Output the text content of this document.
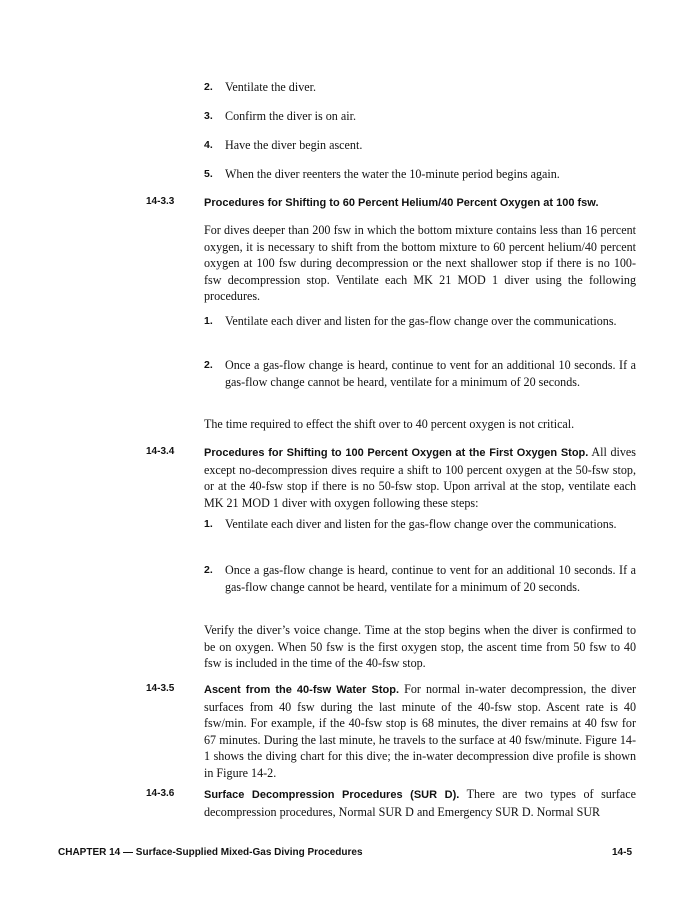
2. Ventilate the diver.
3. Confirm the diver is on air.
4. Have the diver begin ascent.
5. When the diver reenters the water the 10-minute period begins again.
14-3.3	Procedures for Shifting to 60 Percent Helium/40 Percent Oxygen at 100 fsw.
For dives deeper than 200 fsw in which the bottom mixture contains less than 16 percent oxygen, it is necessary to shift from the bottom mixture to 60 percent helium/40 percent oxygen at 100 fsw during decompression or the next shallower stop if there is no 100-fsw decompression stop. Ventilate each MK 21 MOD 1 diver using the following procedures.
1. Ventilate each diver and listen for the gas-flow change over the communications.
2. Once a gas-flow change is heard, continue to vent for an additional 10 seconds. If a gas-flow change cannot be heard, ventilate for a minimum of 20 seconds.
The time required to effect the shift over to 40 percent oxygen is not critical.
14-3.4	Procedures for Shifting to 100 Percent Oxygen at the First Oxygen Stop. All dives except no-decompression dives require a shift to 100 percent oxygen at the 50-fsw stop, or at the 40-fsw stop if there is no 50-fsw stop. Upon arrival at the stop, ventilate each MK 21 MOD 1 diver with oxygen following these steps:
1. Ventilate each diver and listen for the gas-flow change over the communications.
2. Once a gas-flow change is heard, continue to vent for an additional 10 seconds. If a gas-flow change cannot be heard, ventilate for a minimum of 20 seconds.
Verify the diver’s voice change. Time at the stop begins when the diver is confirmed to be on oxygen. When 50 fsw is the first oxygen stop, the ascent time from 50 fsw to 40 fsw is included in the time of the 40-fsw stop.
14-3.5	Ascent from the 40-fsw Water Stop. For normal in-water decompression, the diver surfaces from 40 fsw during the last minute of the 40-fsw stop. Ascent rate is 40 fsw/min. For example, if the 40-fsw stop is 68 minutes, the diver remains at 40 fsw for 67 minutes. During the last minute, he travels to the surface at 40 fsw/minute. Figure 14-1 shows the diving chart for this dive; the in-water decompression dive profile is shown in Figure 14-2.
14-3.6	Surface Decompression Procedures (SUR D). There are two types of surface decompression procedures, Normal SUR D and Emergency SUR D. Normal SUR
CHAPTER 14 — Surface-Supplied Mixed-Gas Diving Procedures	14-5
